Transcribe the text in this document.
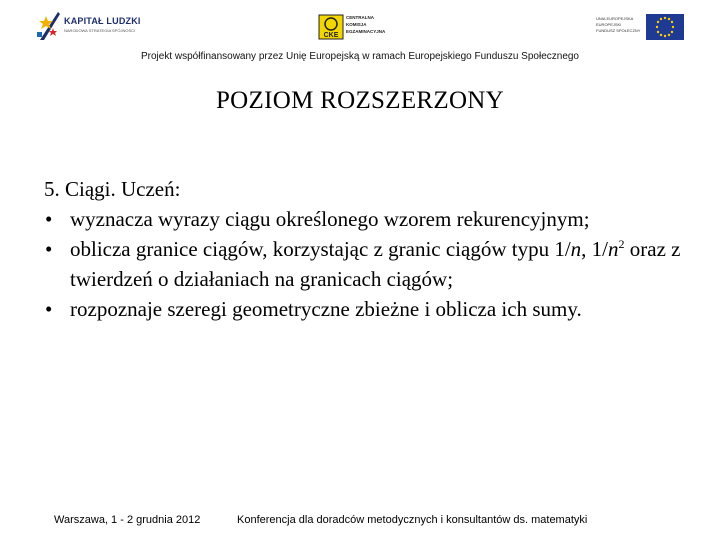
KAPITAŁ LUDZKI
NARODOWA STRATEGIA SPÓJNOŚCI
CKE
CENTRALNA
KOMISJA
EGZAMINACYJNA
UNIA EUROPEJSKA
EUROPEJSKI
FUNDUSZ SPOŁECZNY
Projekt współfinansowany przez Unię Europejską w ramach Europejskiego Funduszu Społecznego
POZIOM ROZSZERZONY

5. Ciągi. Uczeń:

• wyznacza wyrazy ciągu określonego wzorem rekurencyjnym;
• oblicza granice ciągów, korzystając z granic ciągów typu 1/n, $1/n^2$ oraz z twierdzeń o działaniach na granicach ciągów;
• rozpoznaje szeregi geometryczne zbieżne i oblicza ich sumy.
Warszawa, 1 - 2 grudnia 2012	Konferencja dla doradców metodycznych i konsultantów ds. matematyki
